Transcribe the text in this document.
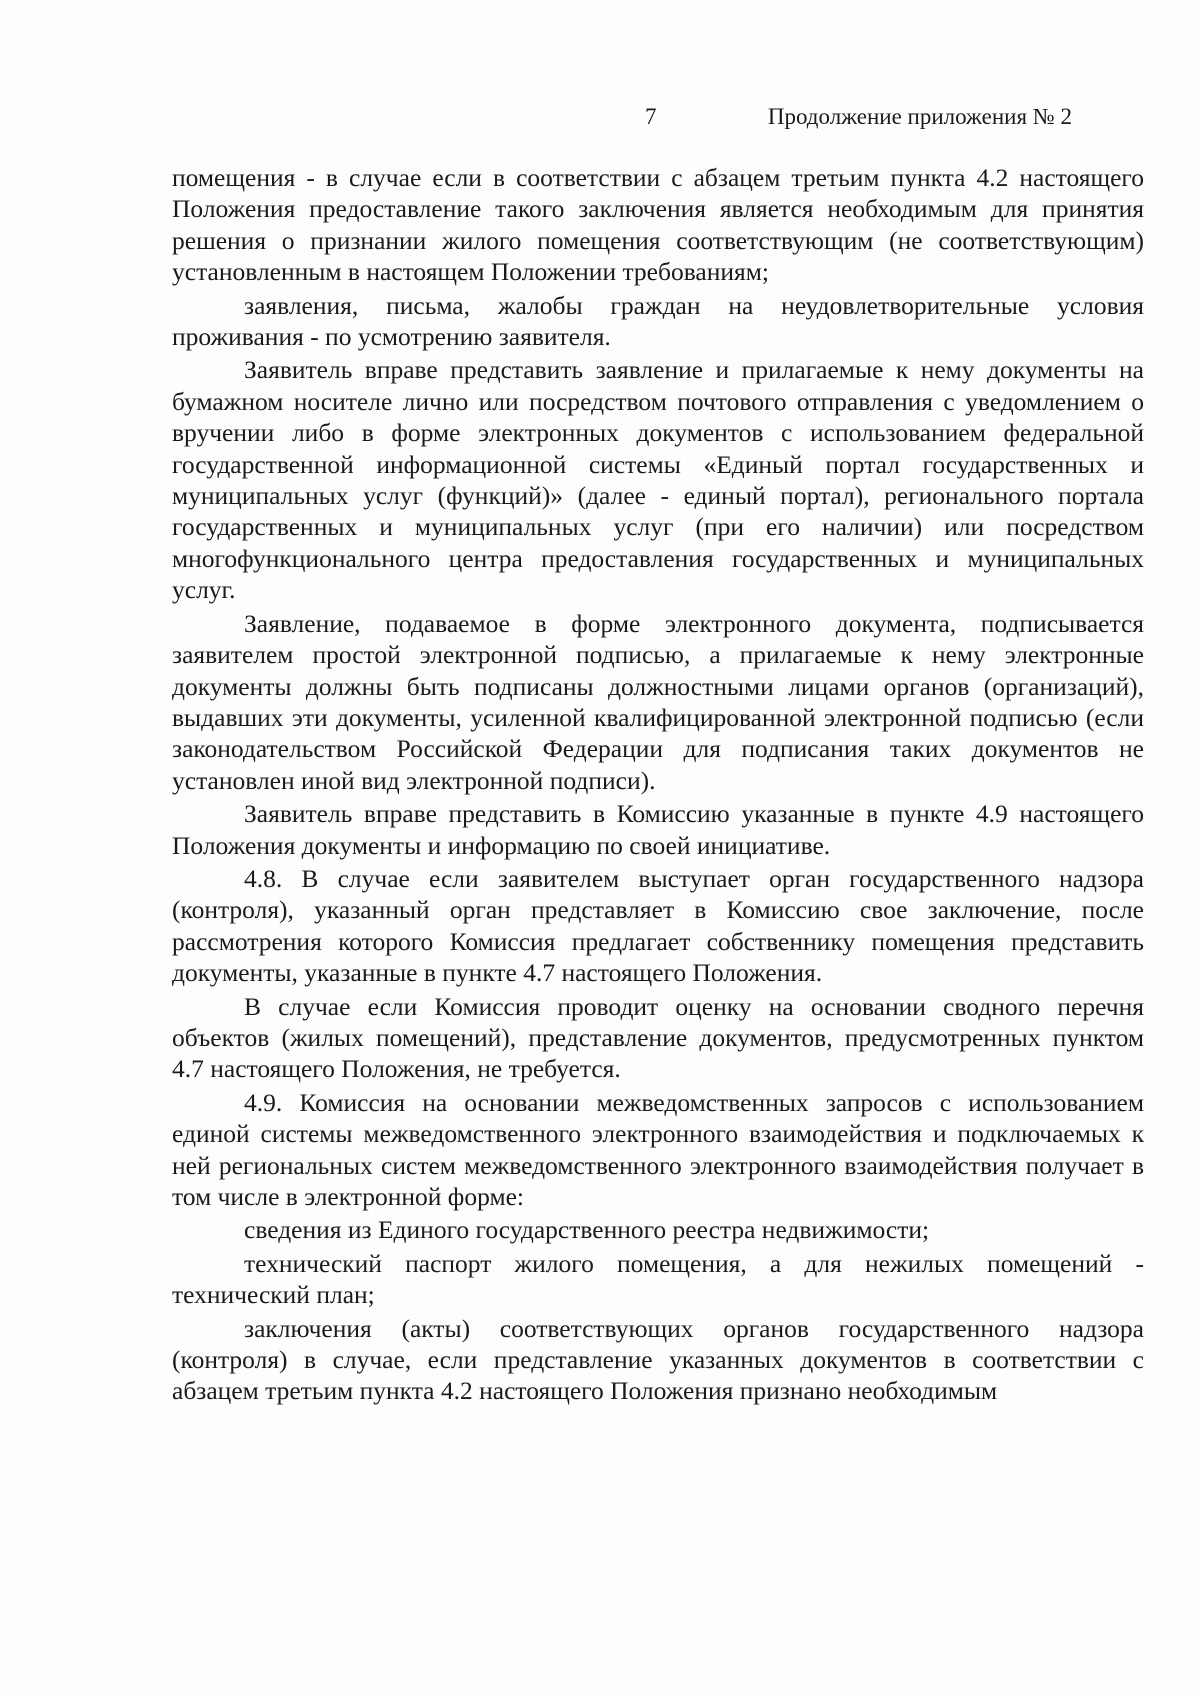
7	Продолжение приложения № 2

помещения - в случае если в соответствии с абзацем третьим пункта 4.2 настоящего Положения предоставление такого заключения является необходимым для принятия решения о признании жилого помещения соответствующим (не соответствующим) установленным в настоящем Положении требованиям;

заявления, письма, жалобы граждан на неудовлетворительные условия проживания - по усмотрению заявителя.

Заявитель вправе представить заявление и прилагаемые к нему документы на бумажном носителе лично или посредством почтового отправления с уведомлением о вручении либо в форме электронных документов с использованием федеральной государственной информационной системы «Единый портал государственных и муниципальных услуг (функций)» (далее - единый портал), регионального портала государственных и муниципальных услуг (при его наличии) или посредством многофункционального центра предоставления государственных и муниципальных услуг.

Заявление, подаваемое в форме электронного документа, подписывается заявителем простой электронной подписью, а прилагаемые к нему электронные документы должны быть подписаны должностными лицами органов (организаций), выдавших эти документы, усиленной квалифицированной электронной подписью (если законодательством Российской Федерации для подписания таких документов не установлен иной вид электронной подписи).

Заявитель вправе представить в Комиссию указанные в пункте 4.9 настоящего Положения документы и информацию по своей инициативе.

4.8. В случае если заявителем выступает орган государственного надзора (контроля), указанный орган представляет в Комиссию свое заключение, после рассмотрения которого Комиссия предлагает собственнику помещения представить документы, указанные в пункте 4.7 настоящего Положения.

В случае если Комиссия проводит оценку на основании сводного перечня объектов (жилых помещений), представление документов, предусмотренных пунктом 4.7 настоящего Положения, не требуется.

4.9. Комиссия на основании межведомственных запросов с использованием единой системы межведомственного электронного взаимодействия и подключаемых к ней региональных систем межведомственного электронного взаимодействия получает в том числе в электронной форме:

сведения из Единого государственного реестра недвижимости;

технический паспорт жилого помещения, а для нежилых помещений - технический план;

заключения (акты) соответствующих органов государственного надзора (контроля) в случае, если представление указанных документов в соответствии с абзацем третьим пункта 4.2 настоящего Положения признано необходимым
